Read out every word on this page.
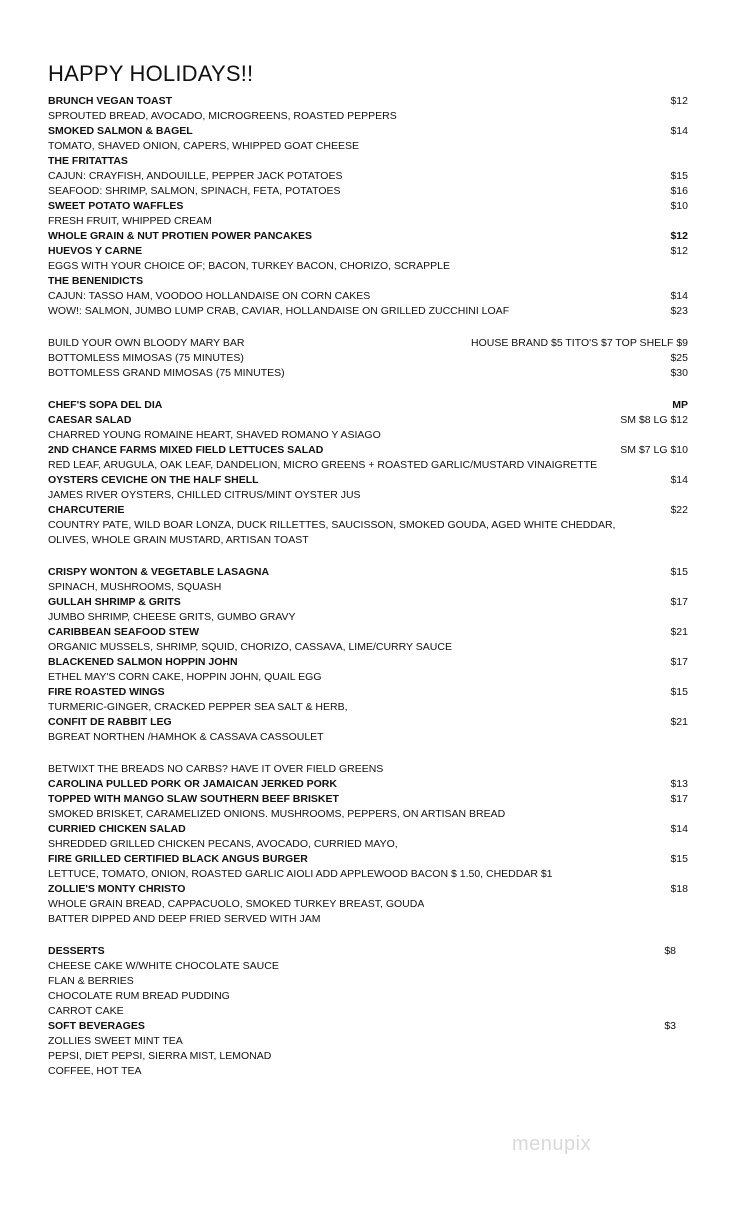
HAPPY HOLIDAYS!!
BRUNCH VEGAN TOAST	$12
SPROUTED BREAD, AVOCADO, MICROGREENS, ROASTED PEPPERS
SMOKED SALMON & BAGEL	$14
TOMATO, SHAVED ONION, CAPERS, WHIPPED GOAT CHEESE
THE FRITATTAS
CAJUN: CRAYFISH, ANDOUILLE, PEPPER JACK POTATOES	$15
SEAFOOD: SHRIMP, SALMON, SPINACH, FETA, POTATOES	$16
SWEET POTATO WAFFLES	$10
FRESH FRUIT, WHIPPED CREAM
WHOLE GRAIN & NUT PROTIEN POWER PANCAKES	$12
HUEVOS Y CARNE	$12
EGGS WITH YOUR CHOICE OF; BACON, TURKEY BACON, CHORIZO, SCRAPPLE
THE BENENIDICTS
CAJUN: TASSO HAM, VOODOO HOLLANDAISE ON CORN CAKES	$14
WOW!: SALMON, JUMBO LUMP CRAB, CAVIAR, HOLLANDAISE ON GRILLED ZUCCHINI LOAF	$23
BUILD YOUR OWN BLOODY MARY BAR	HOUSE BRAND $5 TITO'S $7 TOP SHELF $9
BOTTOMLESS MIMOSAS (75 MINUTES)	$25
BOTTOMLESS GRAND MIMOSAS (75 MINUTES)	$30
CHEF'S SOPA DEL DIA	MP
CAESAR SALAD	SM $8 LG $12
CHARRED YOUNG ROMAINE HEART, SHAVED ROMANO Y ASIAGO
2ND CHANCE FARMS MIXED FIELD LETTUCES SALAD	SM $7 LG $10
RED LEAF, ARUGULA, OAK LEAF, DANDELION, MICRO GREENS + ROASTED GARLIC/MUSTARD VINAIGRETTE
OYSTERS CEVICHE ON THE HALF SHELL	$14
JAMES RIVER OYSTERS, CHILLED CITRUS/MINT OYSTER JUS
CHARCUTERIE	$22
COUNTRY PATE, WILD BOAR LONZA, DUCK RILLETTES, SAUCISSON, SMOKED GOUDA, AGED WHITE CHEDDAR,
OLIVES, WHOLE GRAIN MUSTARD, ARTISAN TOAST
CRISPY WONTON & VEGETABLE LASAGNA	$15
SPINACH, MUSHROOMS, SQUASH
GULLAH SHRIMP & GRITS	$17
JUMBO SHRIMP, CHEESE GRITS, GUMBO GRAVY
CARIBBEAN SEAFOOD STEW	$21
ORGANIC MUSSELS, SHRIMP, SQUID, CHORIZO, CASSAVA, LIME/CURRY SAUCE
BLACKENED SALMON HOPPIN JOHN	$17
ETHEL MAY'S CORN CAKE, HOPPIN JOHN, QUAIL EGG
FIRE ROASTED WINGS	$15
TURMERIC-GINGER, CRACKED PEPPER SEA SALT & HERB,
CONFIT DE RABBIT LEG	$21
BGREAT NORTHEN /HAMHOK & CASSAVA CASSOULET
BETWIXT THE BREADS NO CARBS? HAVE IT OVER FIELD GREENS
CAROLINA PULLED PORK OR JAMAICAN JERKED PORK	$13
TOPPED WITH MANGO SLAW SOUTHERN BEEF BRISKET	$17
SMOKED BRISKET, CARAMELIZED ONIONS. MUSHROOMS, PEPPERS, ON ARTISAN BREAD
CURRIED CHICKEN SALAD	$14
SHREDDED GRILLED CHICKEN PECANS, AVOCADO, CURRIED MAYO,
FIRE GRILLED CERTIFIED BLACK ANGUS BURGER	$15
LETTUCE, TOMATO, ONION, ROASTED GARLIC AIOLI ADD APPLEWOOD BACON $ 1.50, CHEDDAR $1
ZOLLIE'S MONTY CHRISTO	$18
WHOLE GRAIN BREAD, CAPPACUOLO, SMOKED TURKEY BREAST, GOUDA
BATTER DIPPED AND DEEP FRIED SERVED WITH JAM
DESSERTS	$8
CHEESE CAKE W/WHITE CHOCOLATE SAUCE
FLAN & BERRIES
CHOCOLATE RUM BREAD PUDDING
CARROT CAKE
SOFT BEVERAGES	$3
ZOLLIES SWEET MINT TEA
PEPSI, DIET PEPSI, SIERRA MIST, LEMONAD
COFFEE, HOT TEA
menupix
